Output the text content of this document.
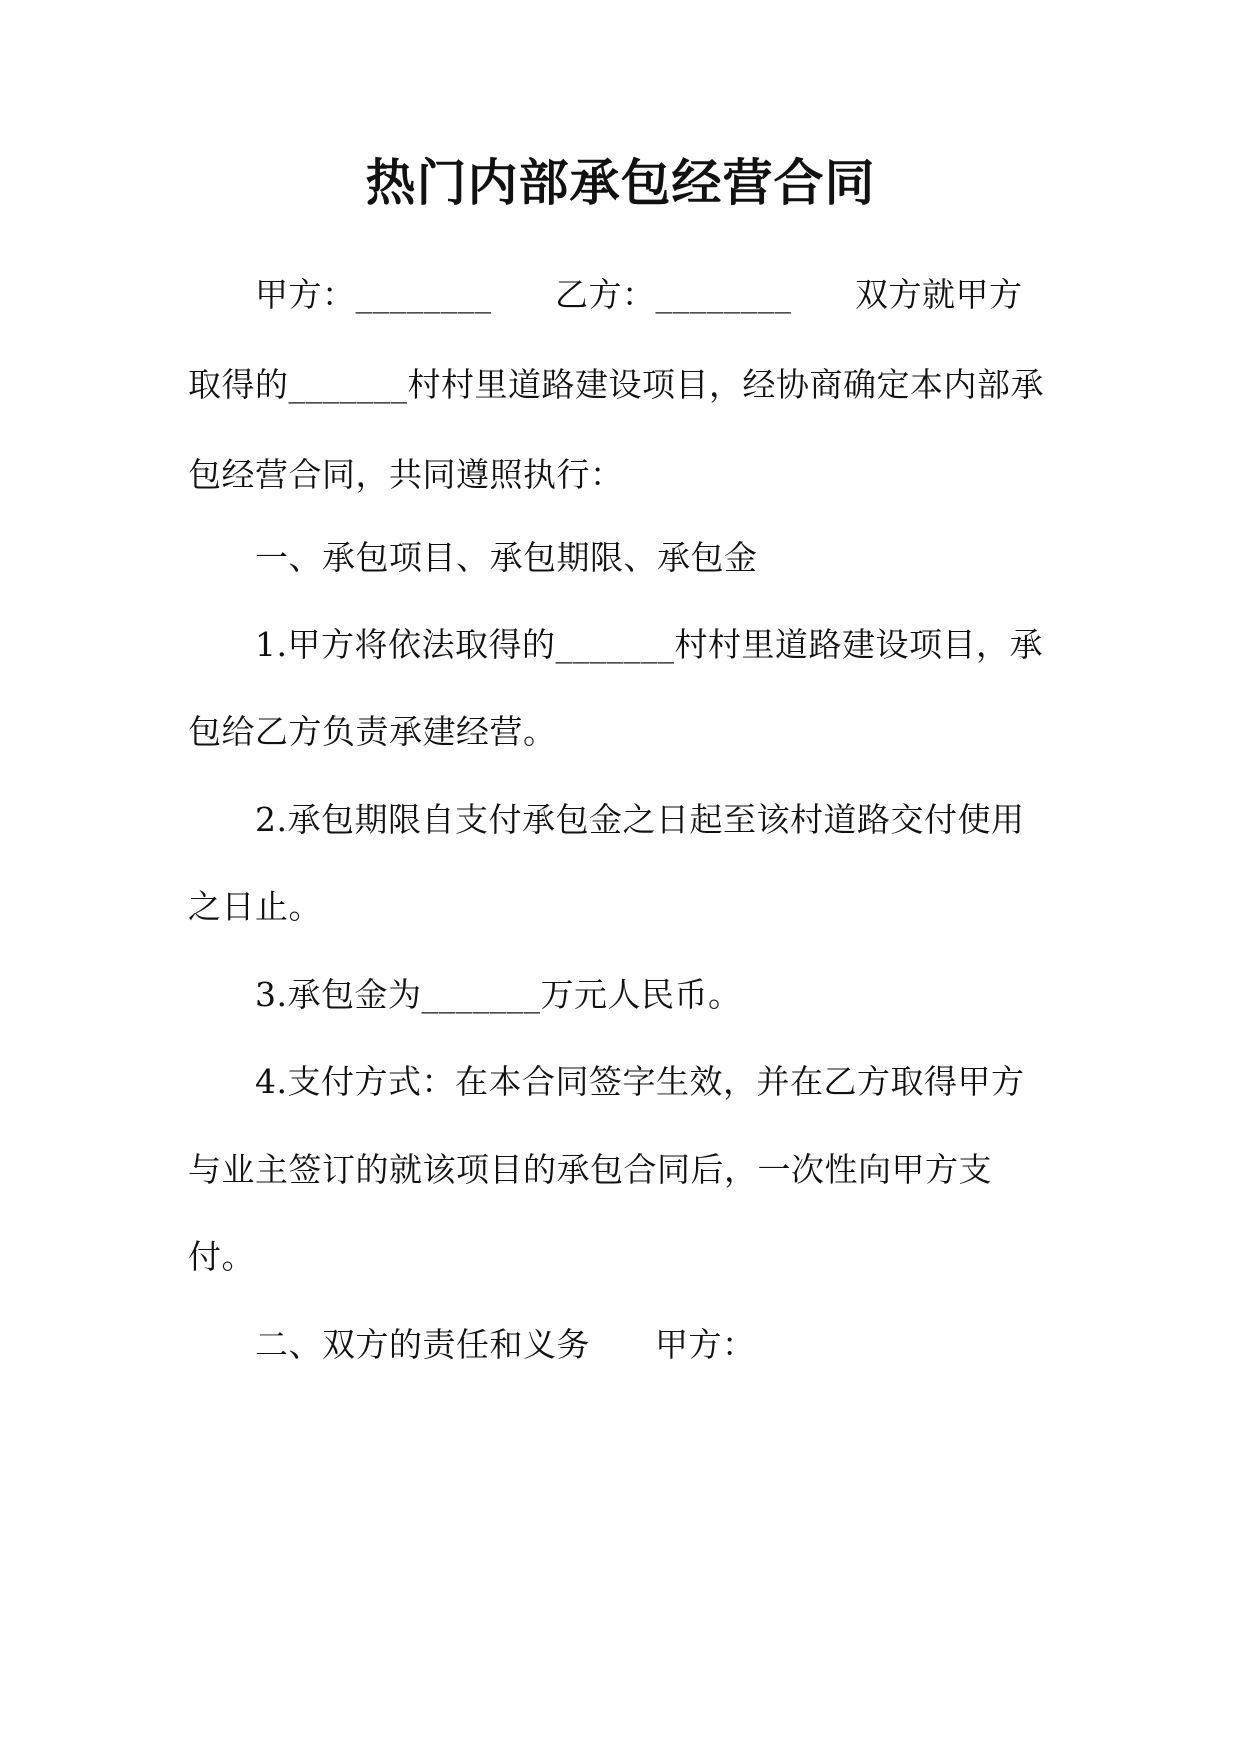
热门内部承包经营合同
甲方：________ 乙方：________ 双方就甲方
取得的_______村村里道路建设项目，经协商确定本内部承
包经营合同，共同遵照执行：
一、承包项目、承包期限、承包金
1.甲方将依法取得的_______村村里道路建设项目，承
包给乙方负责承建经营。
2.承包期限自支付承包金之日起至该村道路交付使用
之日止。
3.承包金为_______万元人民币。
4.支付方式：在本合同签字生效，并在乙方取得甲方
与业主签订的就该项目的承包合同后，一次性向甲方支
付。
二、双方的责任和义务 甲方：
